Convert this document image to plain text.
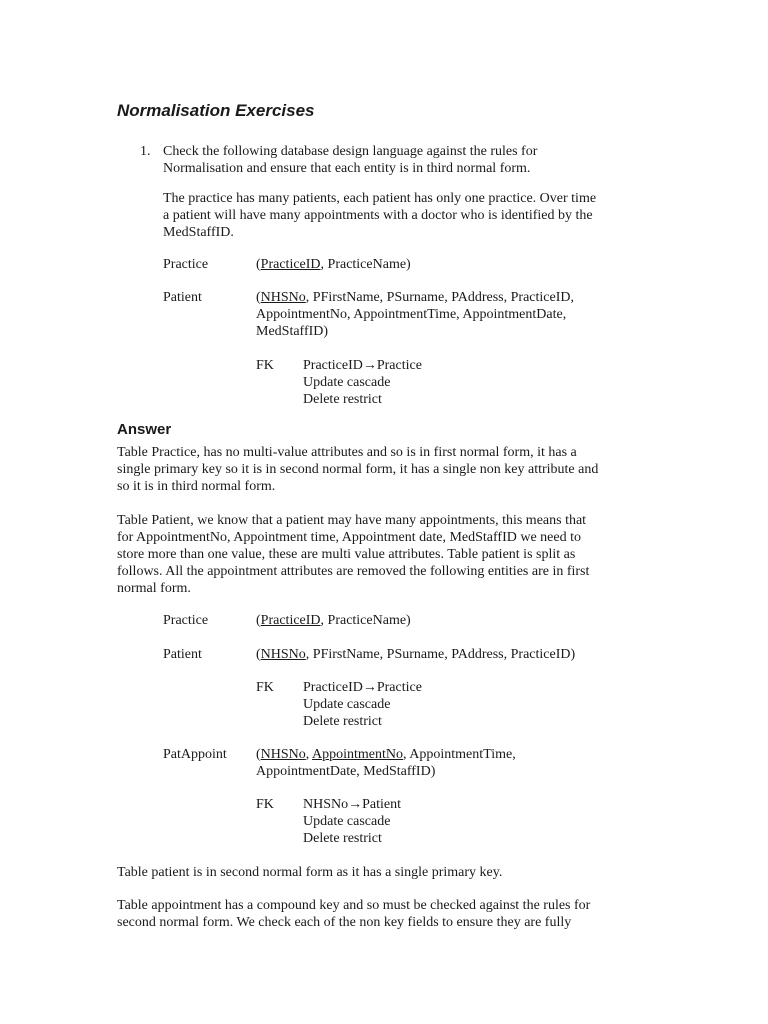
Normalisation Exercises
1. Check the following database design language against the rules for
Normalisation and ensure that each entity is in third normal form.
The practice has many patients, each patient has only one practice. Over time
a patient will have many appointments with a doctor who is identified by the
MedStaffID.
Practice	(PracticeID, PracticeName)
Patient	(NHSNo, PFirstName, PSurname, PAddress, PracticeID,
AppointmentNo, AppointmentTime, AppointmentDate,
MedStaffID)
FK PracticeID→Practice
Update cascade
Delete restrict
Answer
Table Practice, has no multi-value attributes and so is in first normal form, it has a
single primary key so it is in second normal form, it has a single non key attribute and
so it is in third normal form.
Table Patient, we know that a patient may have many appointments, this means that
for AppointmentNo, Appointment time, Appointment date, MedStaffID we need to
store more than one value, these are multi value attributes. Table patient is split as
follows. All the appointment attributes are removed the following entities are in first
normal form.
Practice	(PracticeID, PracticeName)
Patient	(NHSNo, PFirstName, PSurname, PAddress, PracticeID)
FK PracticeID→Practice
Update cascade
Delete restrict
PatAppoint (NHSNo, AppointmentNo, AppointmentTime,
AppointmentDate, MedStaffID)
FK NHSNo→Patient
Update cascade
Delete restrict
Table patient is in second normal form as it has a single primary key.
Table appointment has a compound key and so must be checked against the rules for
second normal form. We check each of the non key fields to ensure they are fully
